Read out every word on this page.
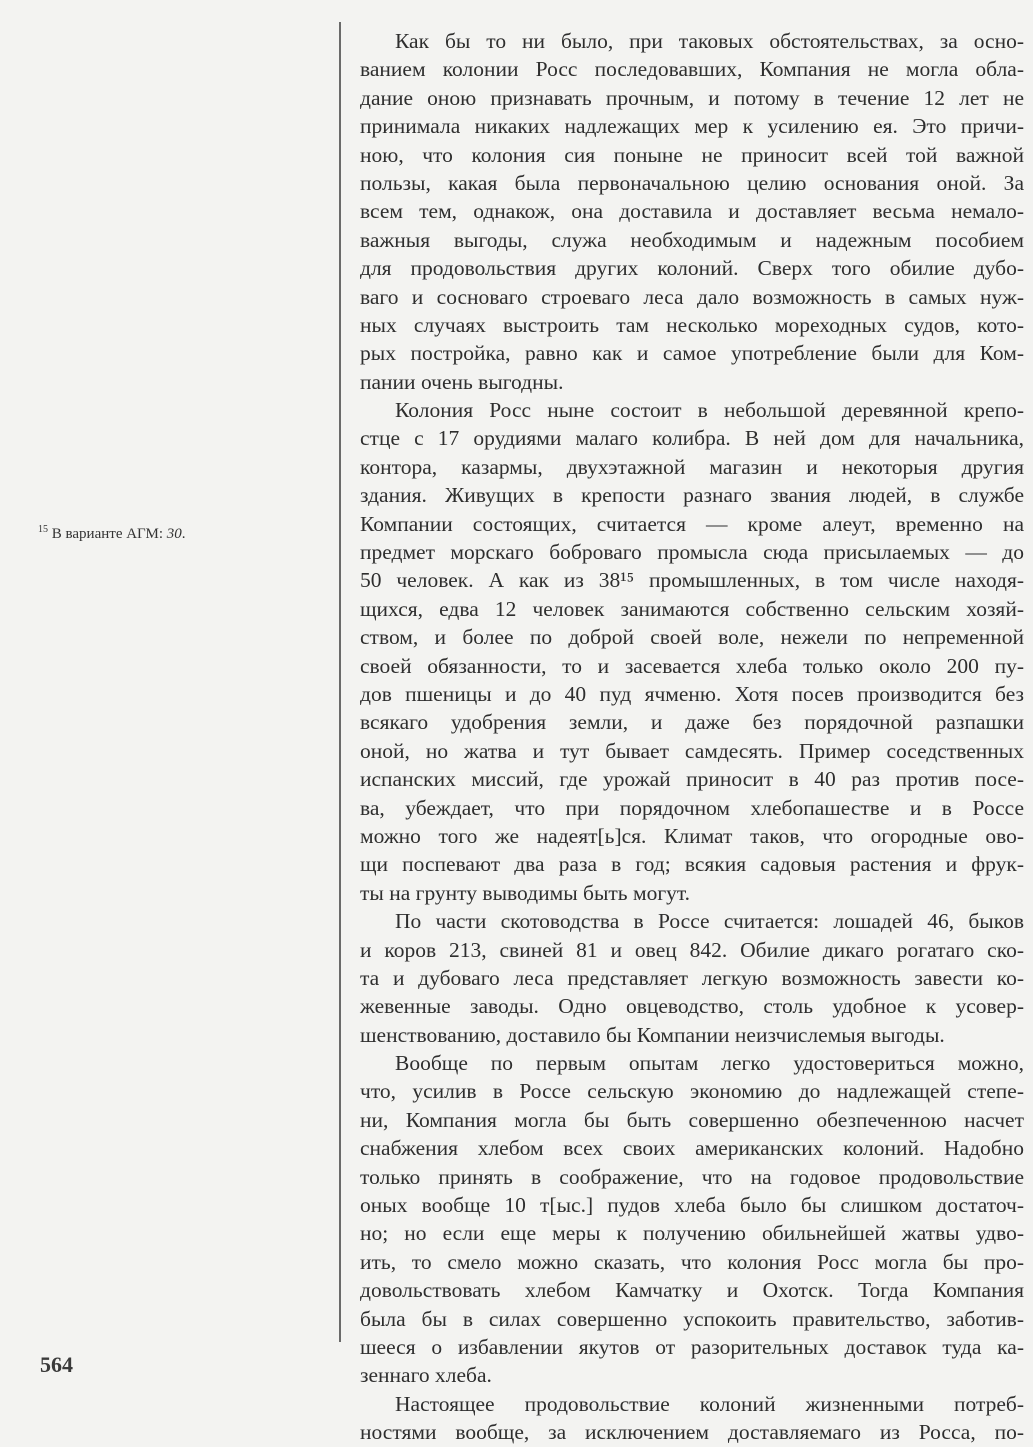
$^{15}$ В варианте АГМ: 30.
Как бы то ни было, при таковых обстоятельствах, за осно-
ванием колонии Росс последовавших, Компания не могла обла-
дание оною признавать прочным, и потому в течение 12 лет не
принимала никаких надлежащих мер к усилению ея. Это причи-
ною, что колония сия поныне не приносит всей той важной
пользы, какая была первоначальною целию основания оной. За
всем тем, однакож, она доставила и доставляет весьма немало-
важныя выгоды, служа необходимым и надежным пособием
для продовольствия других колоний. Сверх того обилие дубо-
ваго и сосноваго строеваго леса дало возможность в самых нуж-
ных случаях выстроить там несколько мореходных судов, кото-
рых постройка, равно как и самое употребление были для Ком-
пании очень выгодны.
Колония Росс ныне состоит в небольшой деревянной крепо-
стце с 17 орудиями малаго колибра. В ней дом для начальника,
контора, казармы, двухэтажной магазин и некоторыя другия
здания. Живущих в крепости разнаго звания людей, в службе
Компании состоящих, считается — кроме алеут, временно на
предмет морскаго боброваго промысла сюда присылаемых — до
50 человек. А как из 38¹⁵ промышленных, в том числе находя-
щихся, едва 12 человек занимаются собственно сельским хозяй-
ством, и более по доброй своей воле, нежели по непременной
своей обязанности, то и засевается хлеба только около 200 пу-
дов пшеницы и до 40 пуд ячменю. Хотя посев производится без
всякаго удобрения земли, и даже без порядочной разпашки
оной, но жатва и тут бывает самдесять. Пример соседственных
испанских миссий, где урожай приносит в 40 раз против посе-
ва, убеждает, что при порядочном хлебопашестве и в Россе
можно того же надеят[ь]ся. Климат таков, что огородные ово-
щи поспевают два раза в год; всякия садовыя растения и фрук-
ты на грунту выводимы быть могут.
По части скотоводства в Россе считается: лошадей 46, быков
и коров 213, свиней 81 и овец 842. Обилие дикаго рогатаго ско-
та и дубоваго леса представляет легкую возможность завести ко-
жевенные заводы. Одно овцеводство, столь удобное к усовер-
шенствованию, доставило бы Компании неизчислемыя выгоды.
Вообще по первым опытам легко удостовериться можно,
что, усилив в Россе сельскую экономию до надлежащей степе-
ни, Компания могла бы быть совершенно обезпеченною насчет
снабжения хлебом всех своих американских колоний. Надобно
только принять в соображение, что на годовое продовольствие
оных вообще 10 т[ыс.] пудов хлеба было бы слишком достаточ-
но; но если еще меры к получению обильнейшей жатвы удво-
ить, то смело можно сказать, что колония Росс могла бы про-
довольствовать хлебом Камчатку и Охотск. Тогда Компания
была бы в силах совершенно успокоить правительство, заботив-
шееся о избавлении якутов от разорительных доставок туда ка-
зеннаго хлеба.
Настоящее продовольствие колоний жизненными потреб-
ностями вообще, за исключением доставляемаго из Росса, по-
564
